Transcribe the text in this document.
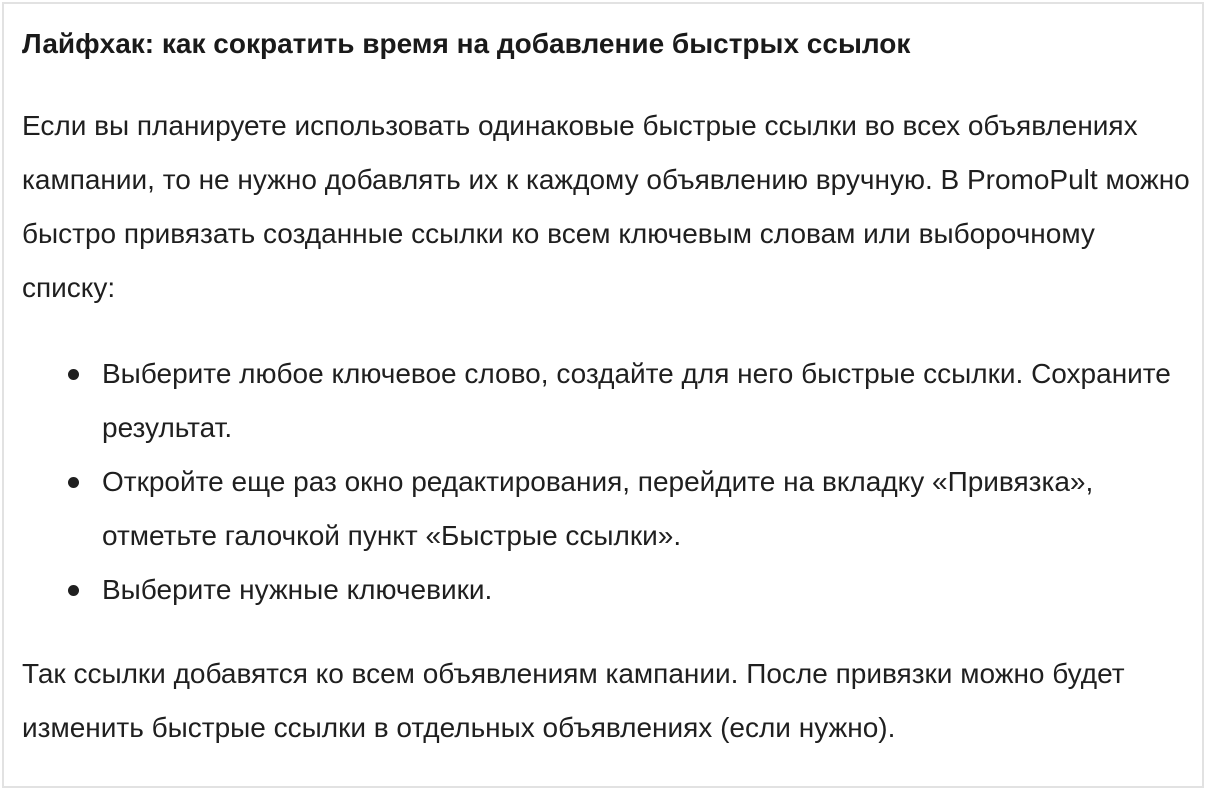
Лайфхак: как сократить время на добавление быстрых ссылок

Если вы планируете использовать одинаковые быстрые ссылки во всех объявлениях кампании, то не нужно добавлять их к каждому объявлению вручную. В PromoPult можно быстро привязать созданные ссылки ко всем ключевым словам или выборочному списку:

Выберите любое ключевое слово, создайте для него быстрые ссылки. Сохраните результат.
Откройте еще раз окно редактирования, перейдите на вкладку «Привязка», отметьте галочкой пункт «Быстрые ссылки».
Выберите нужные ключевики.

Так ссылки добавятся ко всем объявлениям кампании. После привязки можно будет изменить быстрые ссылки в отдельных объявлениях (если нужно).
